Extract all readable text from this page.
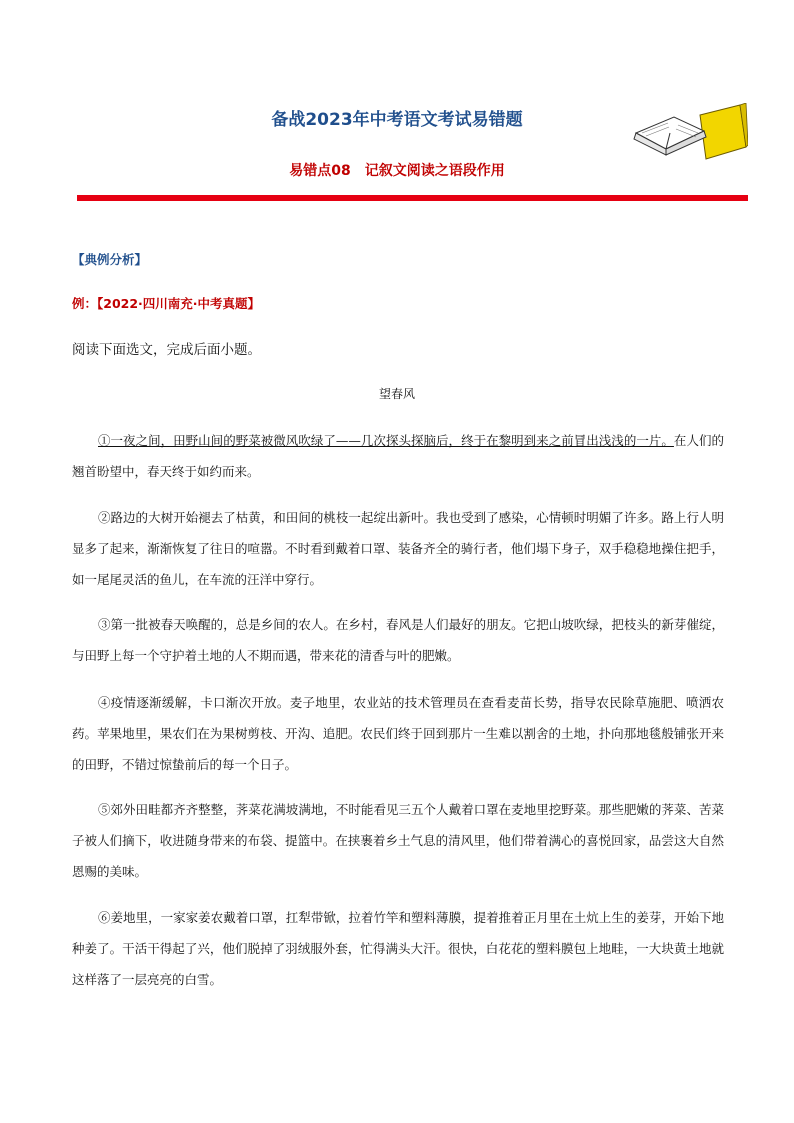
备战2023年中考语文考试易错题
易错点08　记叙文阅读之语段作用
【典例分析】
例：【2022·四川南充·中考真题】
阅读下面选文，完成后面小题。
望春风

①一夜之间，田野山间的野菜被微风吹绿了——几次探头探脑后，终于在黎明到来之前冒出浅浅的一片。在人们的翘首盼望中，春天终于如约而来。

②路边的大树开始褪去了枯黄，和田间的桃枝一起绽出新叶。我也受到了感染，心情顿时明媚了许多。路上行人明显多了起来，渐渐恢复了往日的喧嚣。不时看到戴着口罩、装备齐全的骑行者，他们塌下身子，双手稳稳地操住把手，如一尾尾灵活的鱼儿，在车流的汪洋中穿行。

③第一批被春天唤醒的，总是乡间的农人。在乡村，春风是人们最好的朋友。它把山坡吹绿，把枝头的新芽催绽，与田野上每一个守护着土地的人不期而遇，带来花的清香与叶的肥嫩。

④疫情逐渐缓解，卡口渐次开放。麦子地里，农业站的技术管理员在查看麦苗长势，指导农民除草施肥、喷洒农药。苹果地里，果农们在为果树剪枝、开沟、追肥。农民们终于回到那片一生难以割舍的土地，扑向那地毯般铺张开来的田野，不错过惊蛰前后的每一个日子。

⑤郊外田畦都齐齐整整，荠菜花满坡满地，不时能看见三五个人戴着口罩在麦地里挖野菜。那些肥嫩的荠菜、苦菜子被人们摘下，收进随身带来的布袋、提篮中。在挟裹着乡土气息的清风里，他们带着满心的喜悦回家，品尝这大自然恩赐的美味。

⑥姜地里，一家家姜农戴着口罩，扛犁带锨，拉着竹竿和塑料薄膜，提着推着正月里在土炕上生的姜芽，开始下地种姜了。干活干得起了兴，他们脱掉了羽绒服外套，忙得满头大汗。很快，白花花的塑料膜包上地畦，一大块黄土地就这样落了一层亮亮的白雪。
